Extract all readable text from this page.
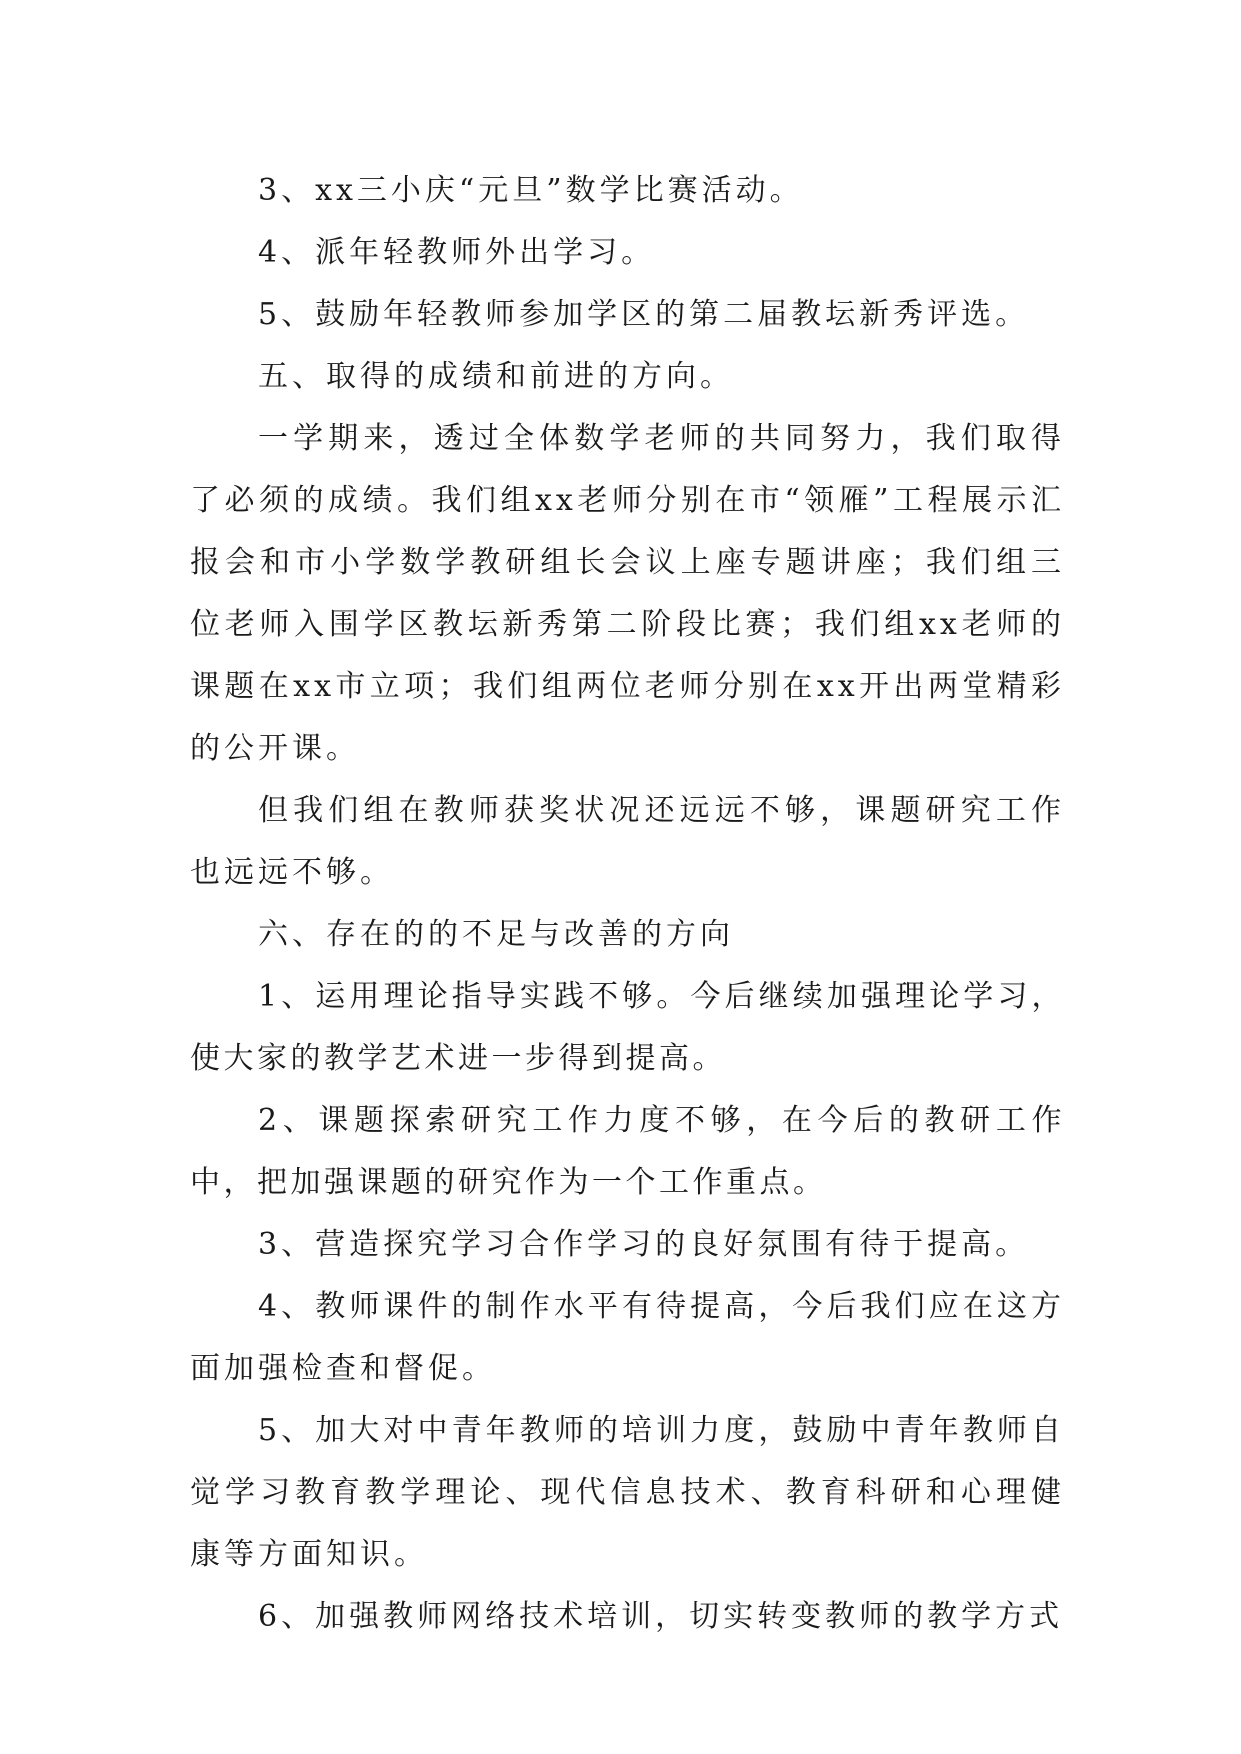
3、xx三小庆“元旦”数学比赛活动。

4、派年轻教师外出学习。

5、鼓励年轻教师参加学区的第二届教坛新秀评选。

五、取得的成绩和前进的方向。

一学期来，透过全体数学老师的共同努力，我们取得了必须的成绩。我们组xx老师分别在市“领雁”工程展示汇报会和市小学数学教研组长会议上座专题讲座；我们组三位老师入围学区教坛新秀第二阶段比赛；我们组xx老师的课题在xx市立项；我们组两位老师分别在xx开出两堂精彩的公开课。

但我们组在教师获奖状况还远远不够，课题研究工作也远远不够。

六、存在的的不足与改善的方向

1、运用理论指导实践不够。今后继续加强理论学习，使大家的教学艺术进一步得到提高。

2、课题探索研究工作力度不够，在今后的教研工作中，把加强课题的研究作为一个工作重点。

3、营造探究学习合作学习的良好氛围有待于提高。

4、教师课件的制作水平有待提高，今后我们应在这方面加强检查和督促。

5、加大对中青年教师的培训力度，鼓励中青年教师自觉学习教育教学理论、现代信息技术、教育科研和心理健康等方面知识。

6、加强教师网络技术培训，切实转变教师的教学方式
